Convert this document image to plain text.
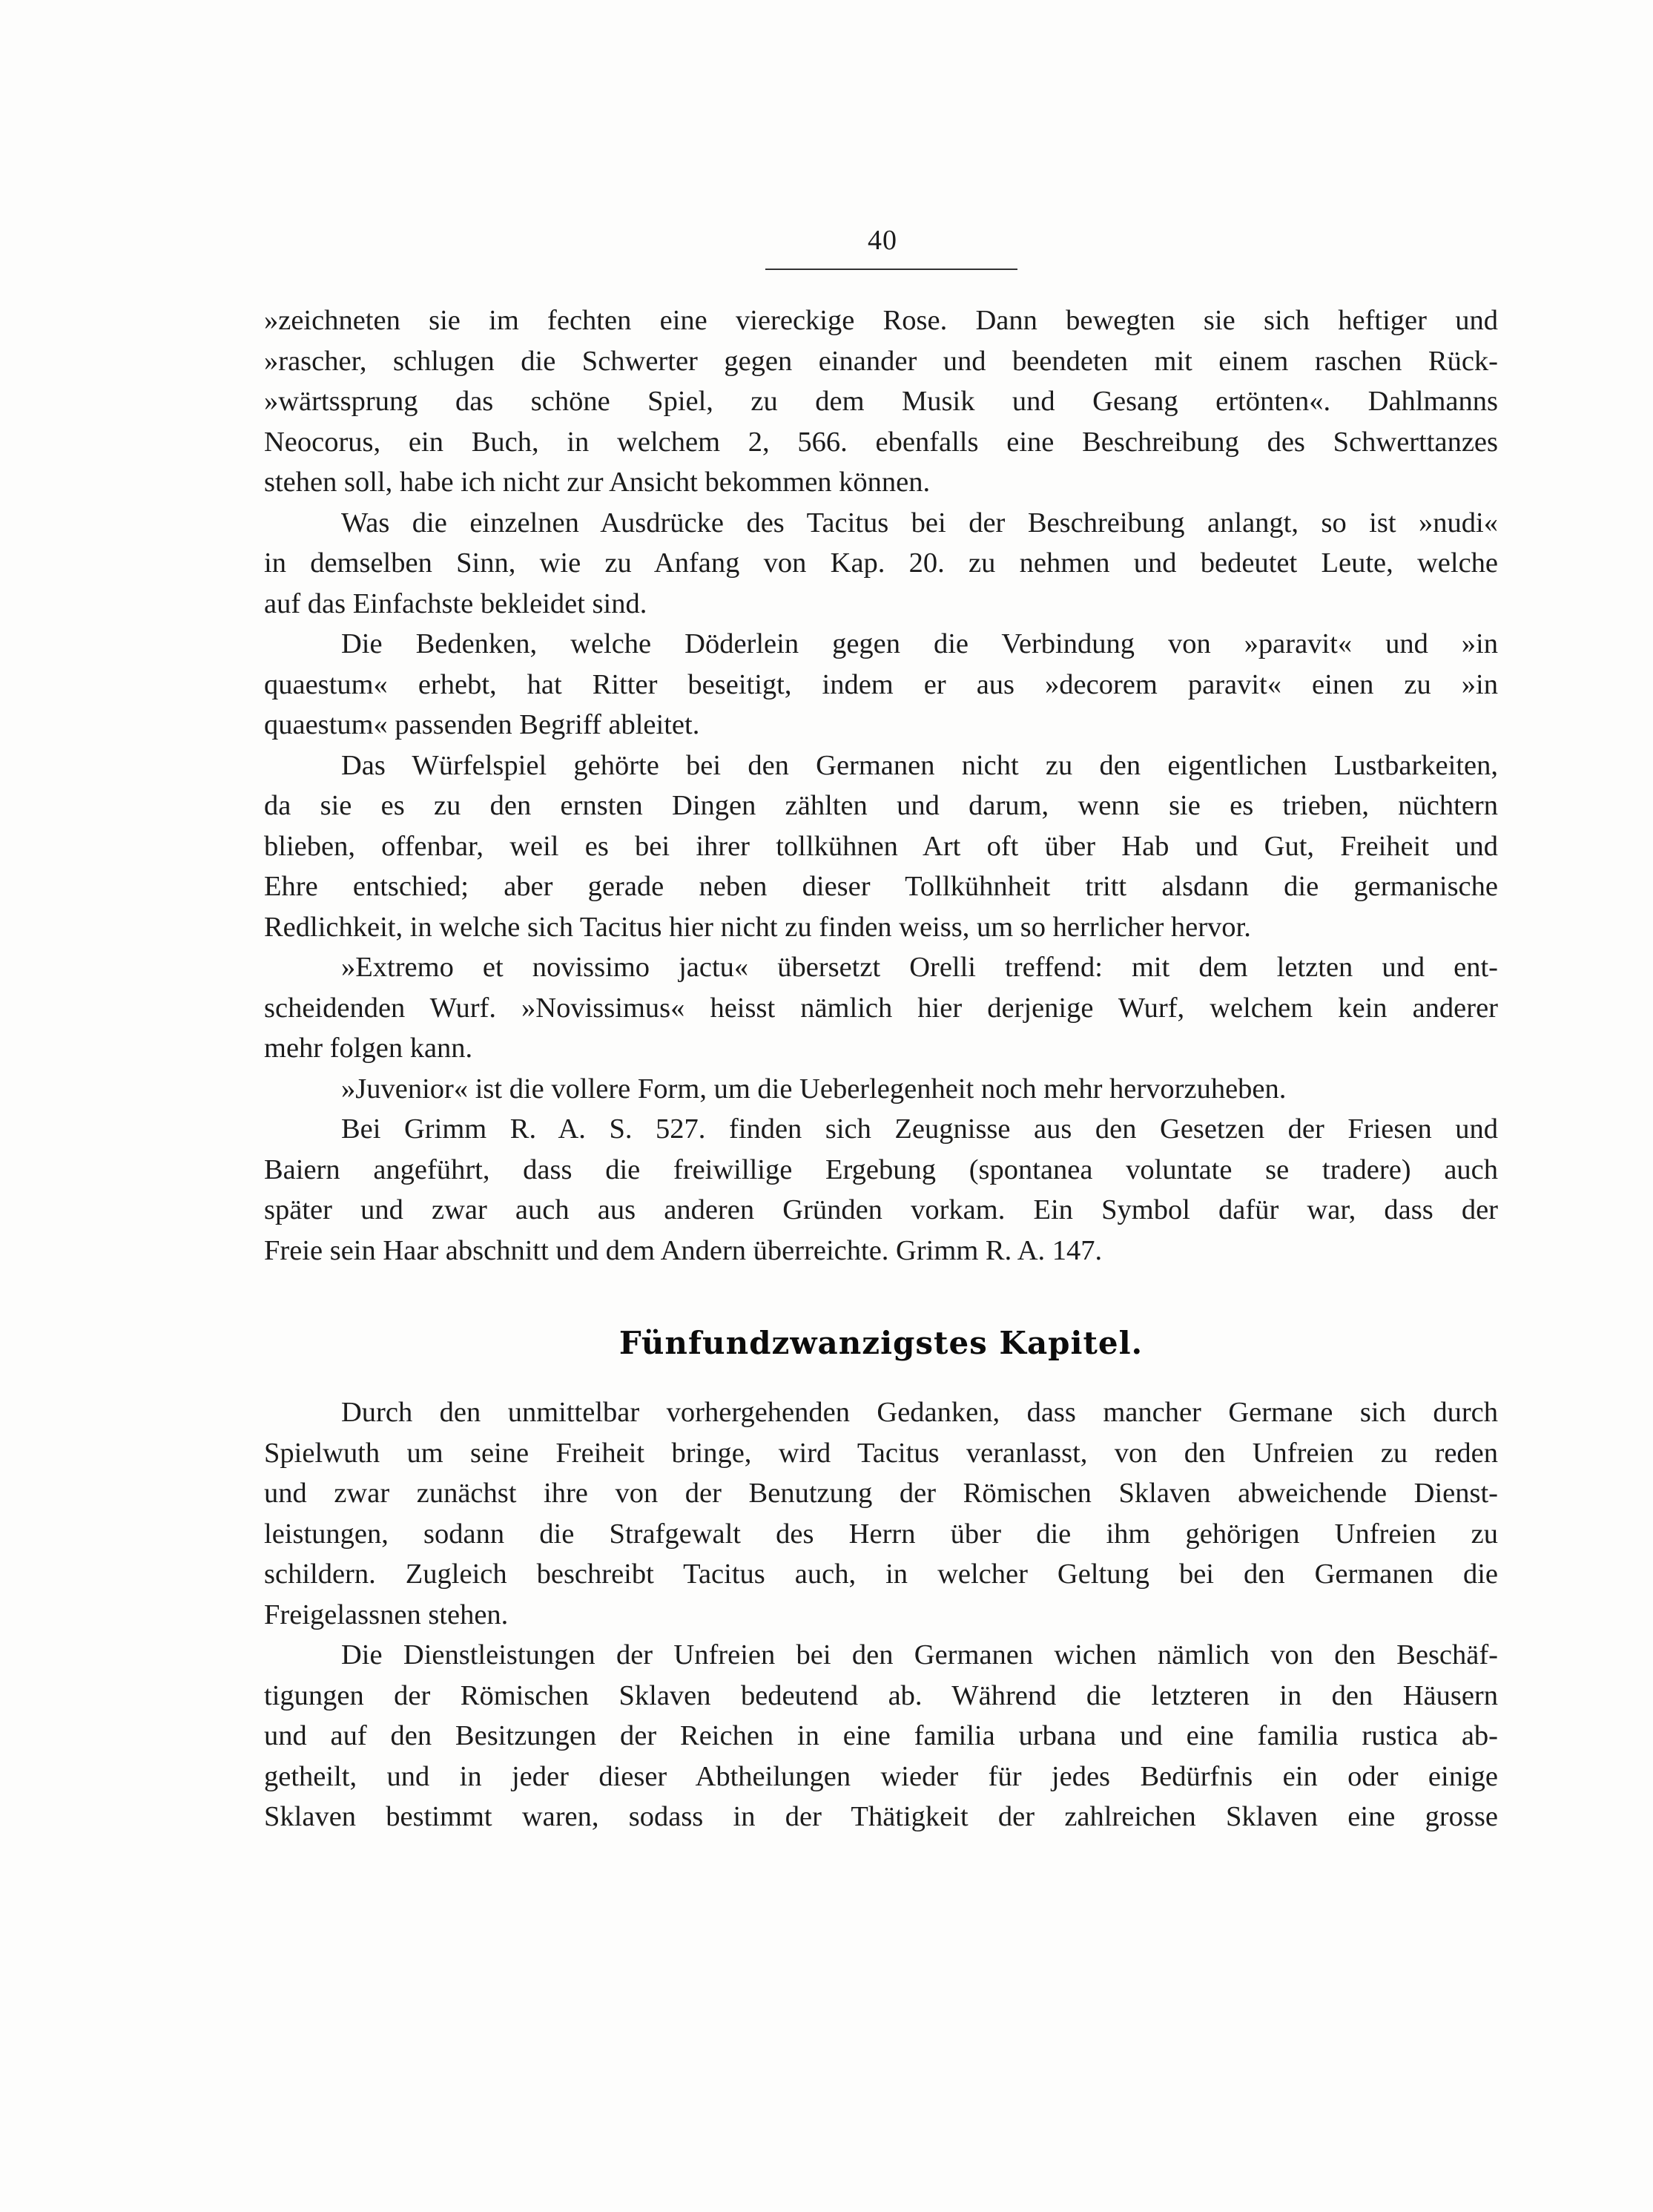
40
»zeichneten sie im fechten eine viereckige Rose. Dann bewegten sie sich heftiger und
»rascher, schlugen die Schwerter gegen einander und beendeten mit einem raschen Rück-
»wärtssprung das schöne Spiel, zu dem Musik und Gesang ertönten«. Dahlmanns
Neocorus, ein Buch, in welchem 2, 566. ebenfalls eine Beschreibung des Schwerttanzes
stehen soll, habe ich nicht zur Ansicht bekommen können.
Was die einzelnen Ausdrücke des Tacitus bei der Beschreibung anlangt, so ist »nudi«
in demselben Sinn, wie zu Anfang von Kap. 20. zu nehmen und bedeutet Leute, welche
auf das Einfachste bekleidet sind.
Die Bedenken, welche Döderlein gegen die Verbindung von »paravit« und »in
quaestum« erhebt, hat Ritter beseitigt, indem er aus »decorem paravit« einen zu »in
quaestum« passenden Begriff ableitet.
Das Würfelspiel gehörte bei den Germanen nicht zu den eigentlichen Lustbarkeiten,
da sie es zu den ernsten Dingen zählten und darum, wenn sie es trieben, nüchtern
blieben, offenbar, weil es bei ihrer tollkühnen Art oft über Hab und Gut, Freiheit und
Ehre entschied; aber gerade neben dieser Tollkühnheit tritt alsdann die germanische
Redlichkeit, in welche sich Tacitus hier nicht zu finden weiss, um so herrlicher hervor.
»Extremo et novissimo jactu« übersetzt Orelli treffend: mit dem letzten und ent-
scheidenden Wurf. »Novissimus« heisst nämlich hier derjenige Wurf, welchem kein anderer
mehr folgen kann.
»Juvenior« ist die vollere Form, um die Ueberlegenheit noch mehr hervorzuheben.
Bei Grimm R. A. S. 527. finden sich Zeugnisse aus den Gesetzen der Friesen und
Baiern angeführt, dass die freiwillige Ergebung (spontanea voluntate se tradere) auch
später und zwar auch aus anderen Gründen vorkam. Ein Symbol dafür war, dass der
Freie sein Haar abschnitt und dem Andern überreichte. Grimm R. A. 147.
Fünfundzwanzigstes Kapitel.
Durch den unmittelbar vorhergehenden Gedanken, dass mancher Germane sich durch
Spielwuth um seine Freiheit bringe, wird Tacitus veranlasst, von den Unfreien zu reden
und zwar zunächst ihre von der Benutzung der Römischen Sklaven abweichende Dienst-
leistungen, sodann die Strafgewalt des Herrn über die ihm gehörigen Unfreien zu
schildern. Zugleich beschreibt Tacitus auch, in welcher Geltung bei den Germanen die
Freigelassnen stehen.
Die Dienstleistungen der Unfreien bei den Germanen wichen nämlich von den Beschäf-
tigungen der Römischen Sklaven bedeutend ab. Während die letzteren in den Häusern
und auf den Besitzungen der Reichen in eine familia urbana und eine familia rustica ab-
getheilt, und in jeder dieser Abtheilungen wieder für jedes Bedürfnis ein oder einige
Sklaven bestimmt waren, sodass in der Thätigkeit der zahlreichen Sklaven eine grosse
